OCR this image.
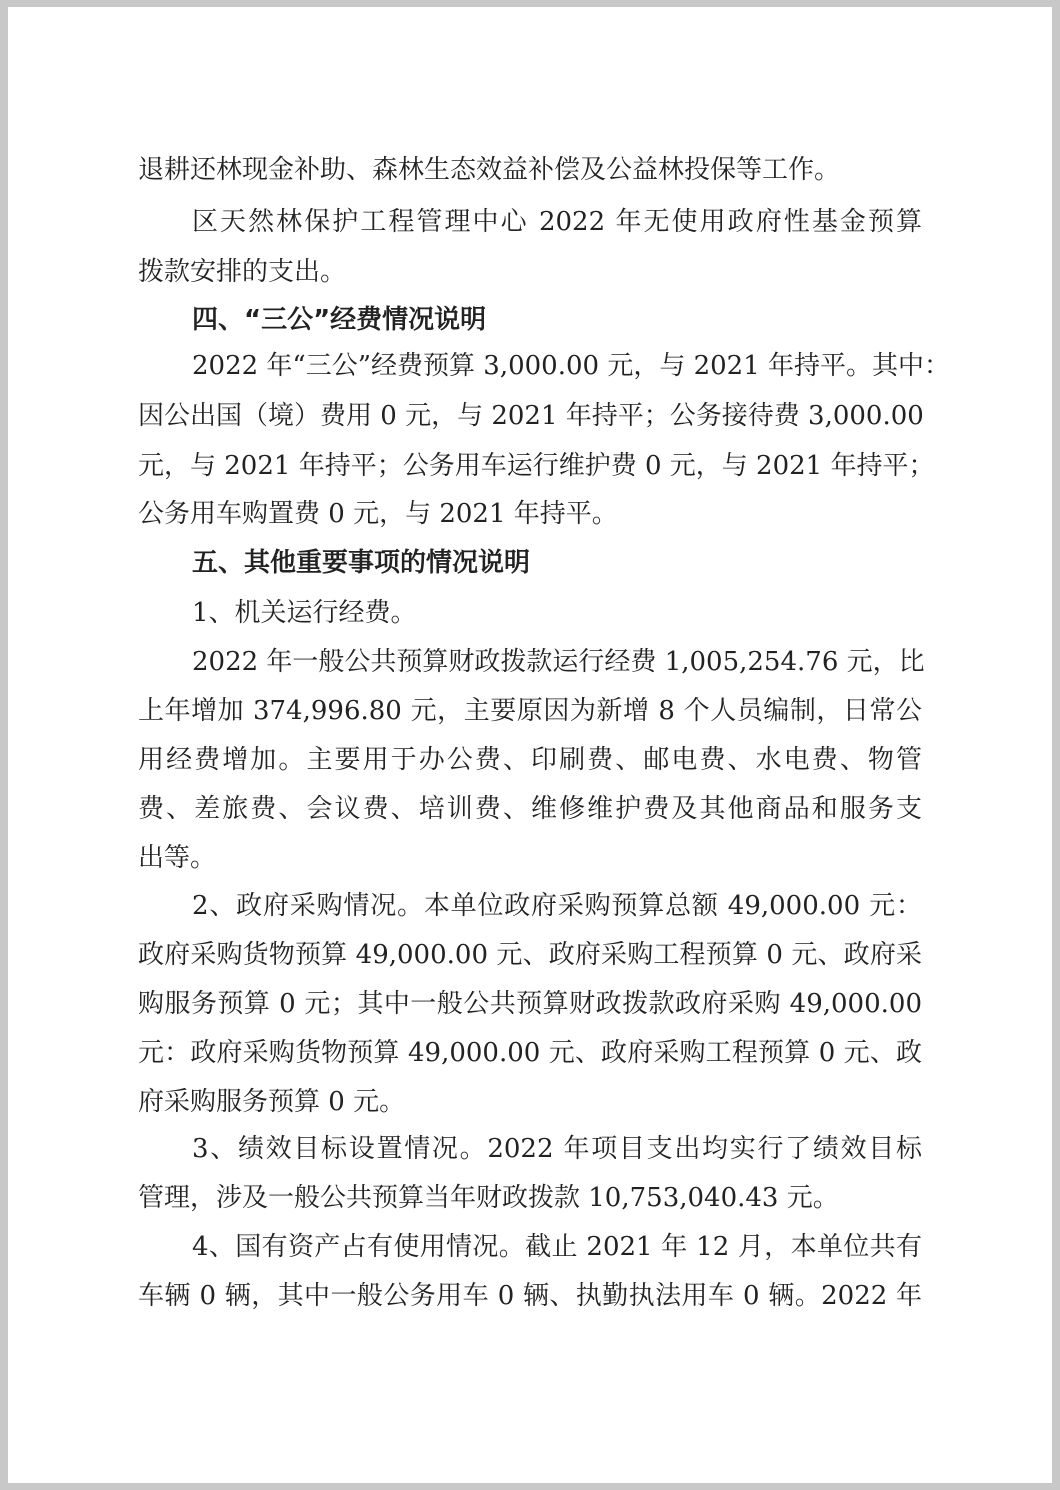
退耕还林现金补助、森林生态效益补偿及公益林投保等工作。
区天然林保护工程管理中心 2022 年无使用政府性基金预算
拨款安排的支出。
四、“三公”经费情况说明
2022 年“三公”经费预算 3,000.00 元，与 2021 年持平。其中：
因公出国（境）费用 0 元，与 2021 年持平；公务接待费 3,000.00
元，与 2021 年持平；公务用车运行维护费 0 元，与 2021 年持平；
公务用车购置费 0 元，与 2021 年持平。
五、其他重要事项的情况说明
1、机关运行经费。
2022 年一般公共预算财政拨款运行经费 1,005,254.76 元，比
上年增加 374,996.80 元，主要原因为新增 8 个人员编制，日常公
用经费增加。主要用于办公费、印刷费、邮电费、水电费、物管
费、差旅费、会议费、培训费、维修维护费及其他商品和服务支
出等。
2、政府采购情况。本单位政府采购预算总额 49,000.00 元：
政府采购货物预算 49,000.00 元、政府采购工程预算 0 元、政府采
购服务预算 0 元；其中一般公共预算财政拨款政府采购 49,000.00
元：政府采购货物预算 49,000.00 元、政府采购工程预算 0 元、政
府采购服务预算 0 元。
3、绩效目标设置情况。2022 年项目支出均实行了绩效目标
管理，涉及一般公共预算当年财政拨款 10,753,040.43 元。
4、国有资产占有使用情况。截止 2021 年 12 月，本单位共有
车辆 0 辆，其中一般公务用车 0 辆、执勤执法用车 0 辆。2022 年
